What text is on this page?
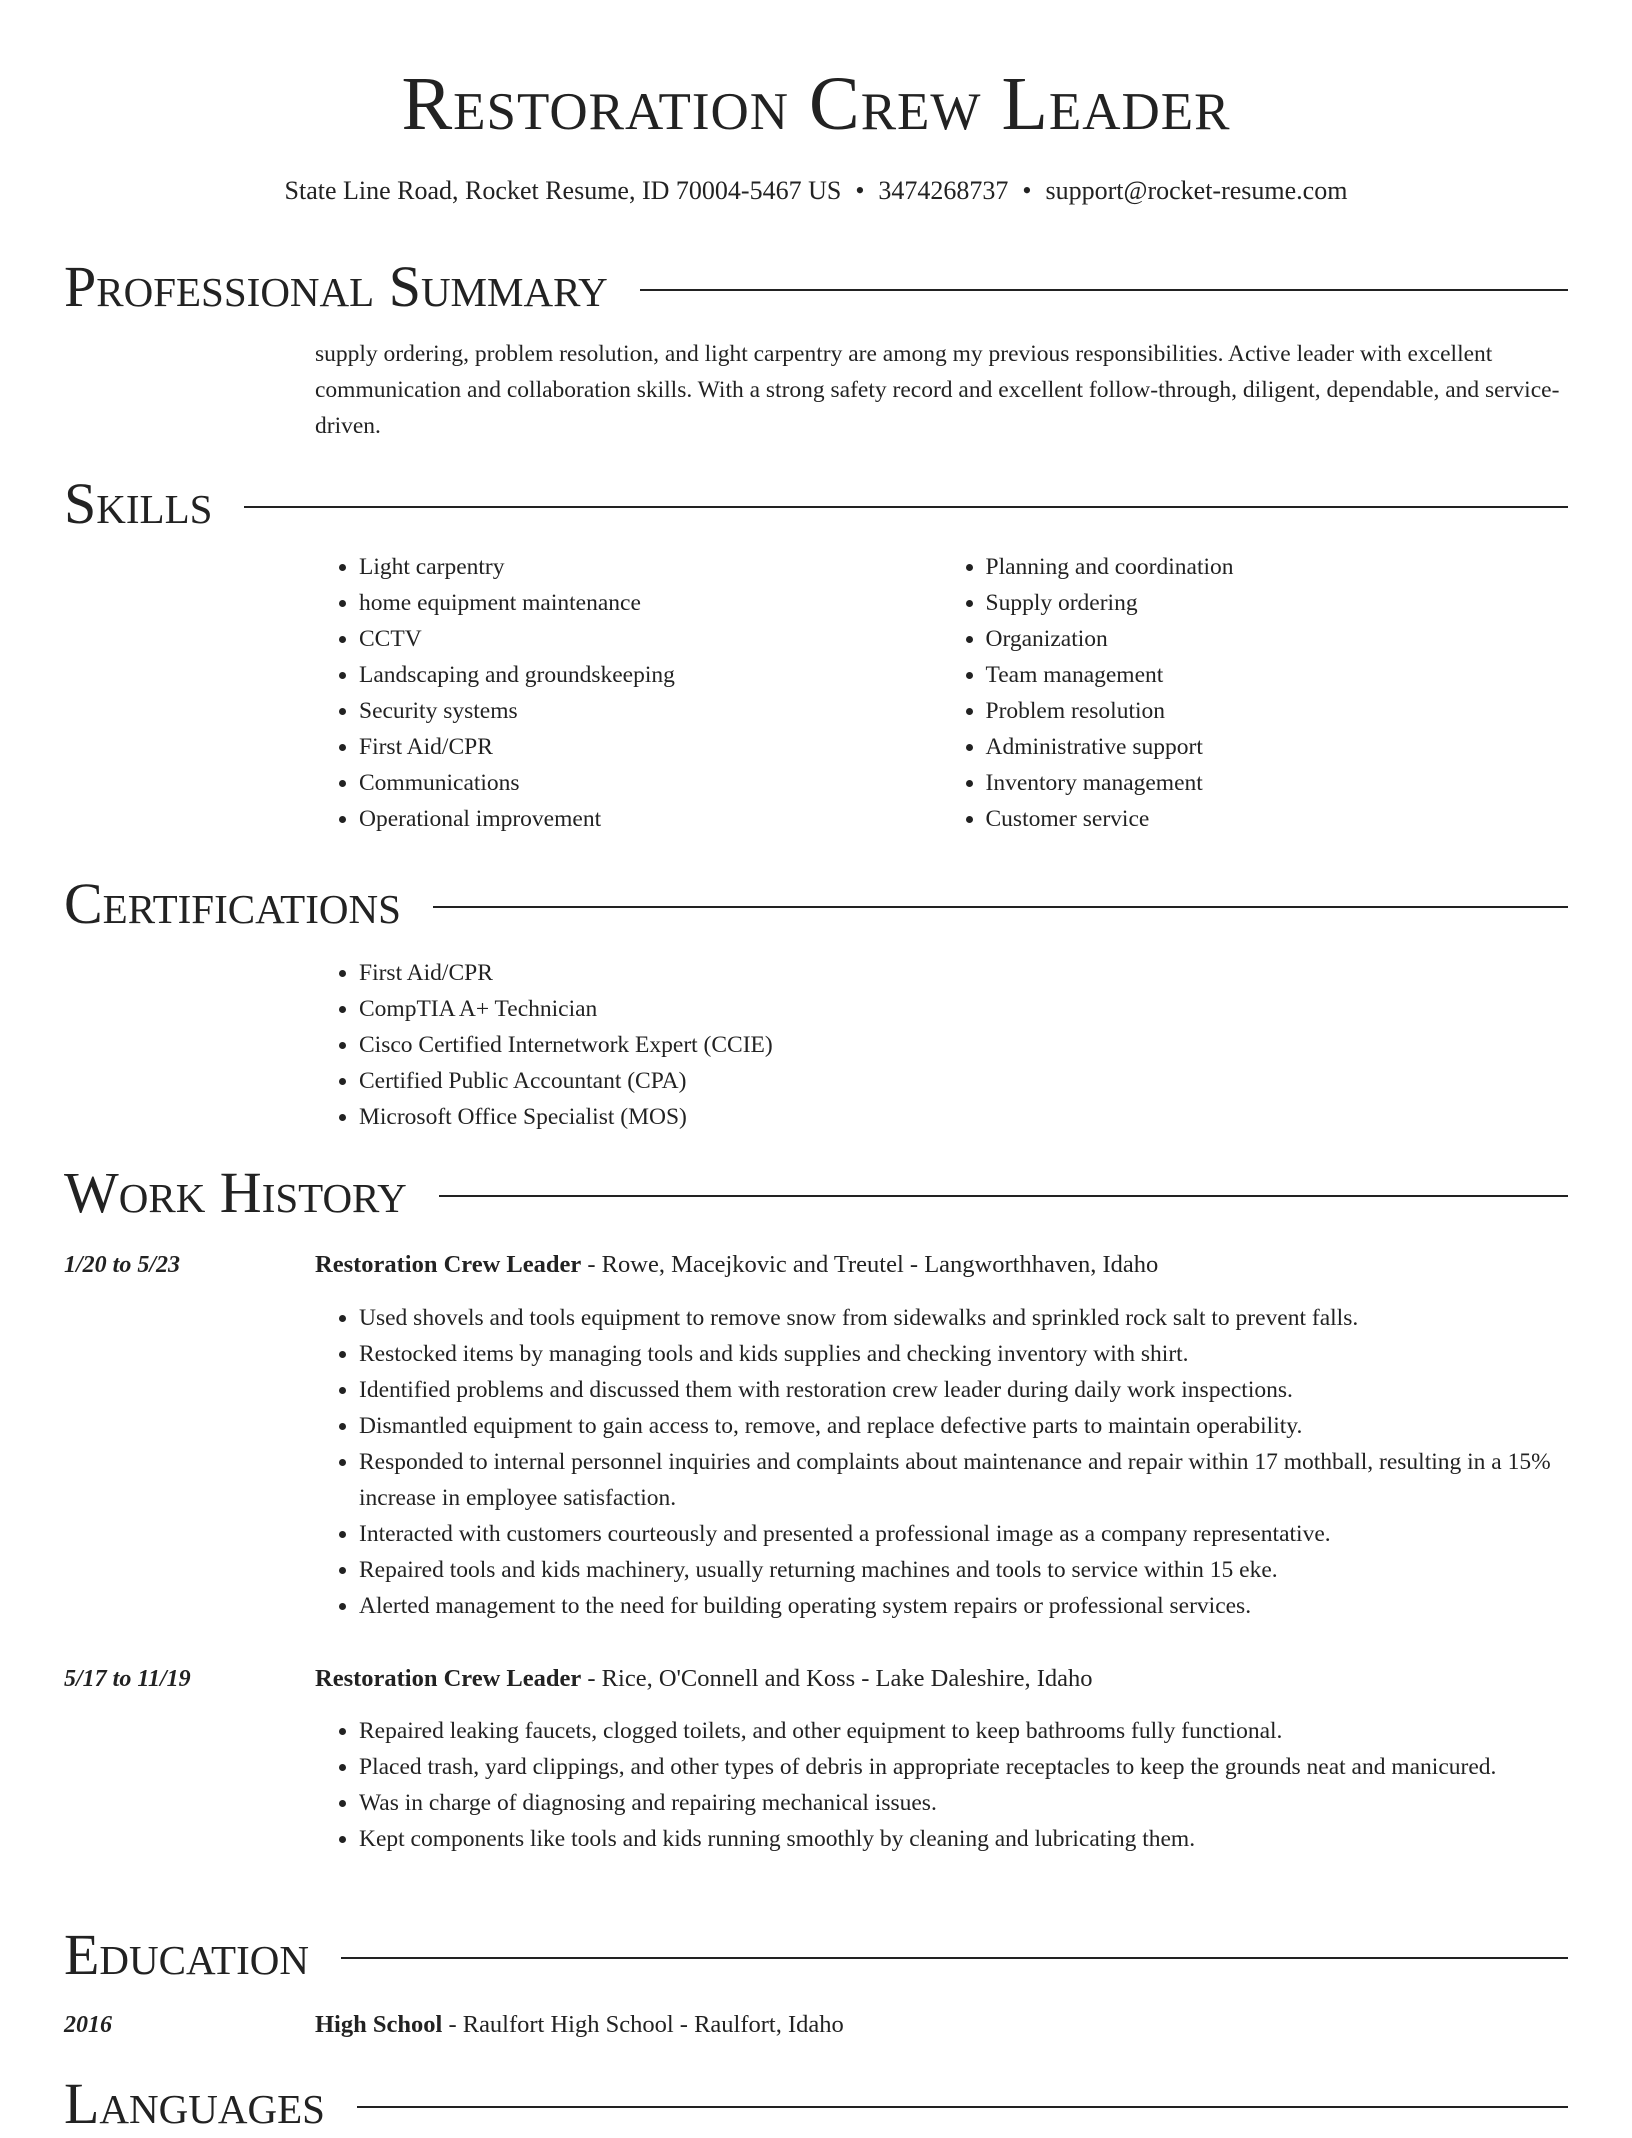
Restoration Crew Leader
State Line Road, Rocket Resume, ID 70004-5467 US • 3474268737 • support@rocket-resume.com
Professional Summary

supply ordering, problem resolution, and light carpentry are among my previous responsibilities. Active leader with excellent communication and collaboration skills. With a strong safety record and excellent follow-through, diligent, dependable, and service-driven.

Skills
• Light carpentry
• home equipment maintenance
• CCTV
• Landscaping and groundskeeping
• Security systems
• First Aid/CPR
• Communications
• Operational improvement
• Planning and coordination
• Supply ordering
• Organization
• Team management
• Problem resolution
• Administrative support
• Inventory management
• Customer service
Certifications
• First Aid/CPR
• CompTIA A+ Technician
• Cisco Certified Internetwork Expert (CCIE)
• Certified Public Accountant (CPA)
• Microsoft Office Specialist (MOS)
Work History
1/20 to 5/23	Restoration Crew Leader - Rowe, Macejkovic and Treutel - Langworthhaven, Idaho

• Used shovels and tools equipment to remove snow from sidewalks and sprinkled rock salt to prevent falls.
• Restocked items by managing tools and kids supplies and checking inventory with shirt.
• Identified problems and discussed them with restoration crew leader during daily work inspections.
• Dismantled equipment to gain access to, remove, and replace defective parts to maintain operability.
• Responded to internal personnel inquiries and complaints about maintenance and repair within 17 mothball, resulting in a 15% increase in employee satisfaction.
• Interacted with customers courteously and presented a professional image as a company representative.
• Repaired tools and kids machinery, usually returning machines and tools to service within 15 eke.
• Alerted management to the need for building operating system repairs or professional services.
5/17 to 11/19	Restoration Crew Leader - Rice, O'Connell and Koss - Lake Daleshire, Idaho

• Repaired leaking faucets, clogged toilets, and other equipment to keep bathrooms fully functional.
• Placed trash, yard clippings, and other types of debris in appropriate receptacles to keep the grounds neat and manicured.
• Was in charge of diagnosing and repairing mechanical issues.
• Kept components like tools and kids running smoothly by cleaning and lubricating them.
Education
2016	High School - Raulfort High School - Raulfort, Idaho

Languages
